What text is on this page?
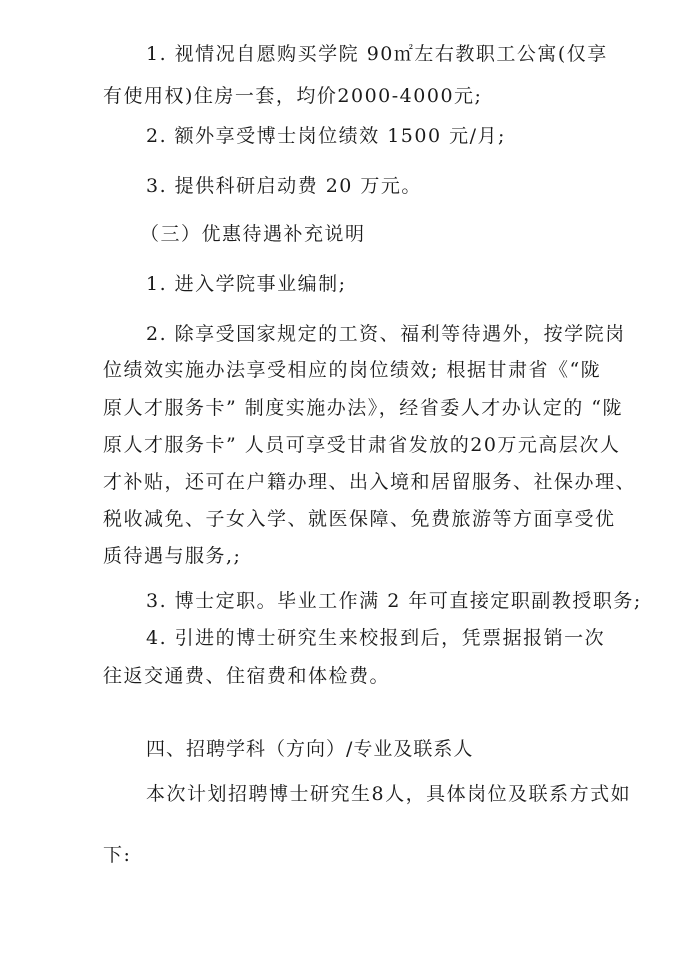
1. 视情况自愿购买学院 90㎡左右教职工公寓(仅享
有使用权)住房一套，均价2000-4000元;
2. 额外享受博士岗位绩效 1500 元/月;
3. 提供科研启动费 20 万元。
（三）优惠待遇补充说明
1. 进入学院事业编制;
2. 除享受国家规定的工资、福利等待遇外，按学院岗
位绩效实施办法享受相应的岗位绩效; 根据甘肃省《“陇
原人才服务卡” 制度实施办法》，经省委人才办认定的 “陇
原人才服务卡” 人员可享受甘肃省发放的20万元高层次人
才补贴，还可在户籍办理、出入境和居留服务、社保办理、
税收减免、子女入学、就医保障、免费旅游等方面享受优
质待遇与服务,;
3. 博士定职。毕业工作满 2 年可直接定职副教授职务;
4. 引进的博士研究生来校报到后，凭票据报销一次
往返交通费、住宿费和体检费。
四、招聘学科（方向）/专业及联系人
本次计划招聘博士研究生8人，具体岗位及联系方式如
下:
